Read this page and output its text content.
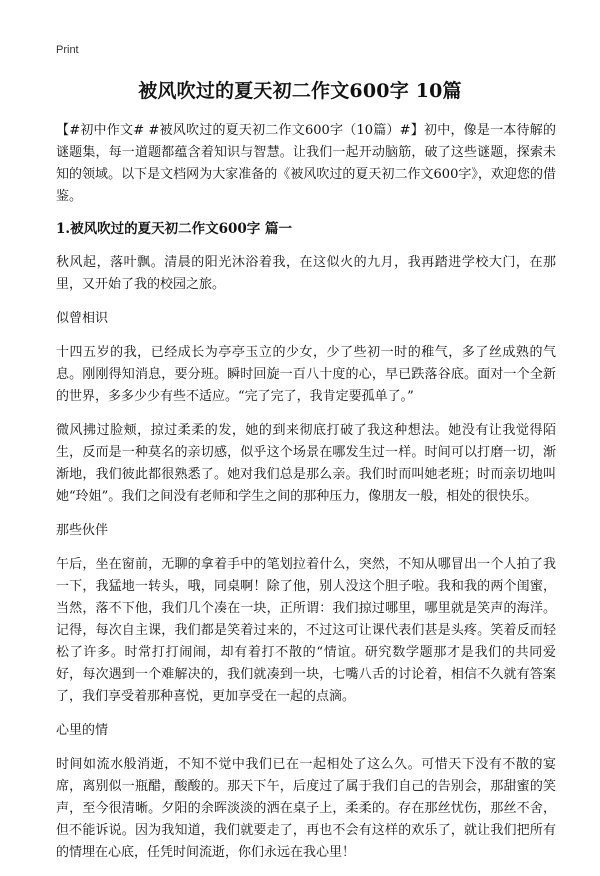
Print
被风吹过的夏天初二作文600字 10篇

【#初中作文# #被风吹过的夏天初二作文600字（10篇）#】初中，像是一本待解的谜题集，每一道题都蕴含着知识与智慧。让我们一起开动脑筋，破了这些谜题，探索未知的领域。以下是文档网为大家准备的《被风吹过的夏天初二作文600字》，欢迎您的借鉴。

1.被风吹过的夏天初二作文600字 篇一

秋风起，落叶飘。清晨的阳光沐浴着我，在这似火的九月，我再踏进学校大门，在那里，又开始了我的校园之旅。

似曾相识

十四五岁的我，已经成长为亭亭玉立的少女，少了些初一时的稚气，多了丝成熟的气息。刚刚得知消息，要分班。瞬时回旋一百八十度的心，早已跌落谷底。面对一个全新的世界，多多少少有些不适应。“完了完了，我肯定要孤单了。”

微风拂过脸颊，掠过柔柔的发，她的到来彻底打破了我这种想法。她没有让我觉得陌生，反而是一种莫名的亲切感，似乎这个场景在哪发生过一样。时间可以打磨一切，渐渐地，我们彼此都很熟悉了。她对我们总是那么亲。我们时而叫她老班；时而亲切地叫她“玲姐”。我们之间没有老师和学生之间的那种压力，像朋友一般，相处的很快乐。

那些伙伴

午后，坐在窗前，无聊的拿着手中的笔划拉着什么，突然，不知从哪冒出一个人拍了我一下，我猛地一转头，哦，同桌啊！除了他，别人没这个胆子啦。我和我的两个闺蜜，当然，落不下他，我们几个凑在一块，正所谓：我们掠过哪里，哪里就是笑声的海洋。记得，每次自主课，我们都是笑着过来的，不过这可让课代表们甚是头疼。笑着反而轻松了许多。时常打打闹闹，却有着打不散的“情谊。研究数学题那才是我们的共同爱好，每次遇到一个难解决的，我们就凑到一块，七嘴八舌的讨论着，相信不久就有答案了，我们享受着那种喜悦，更加享受在一起的点滴。

心里的情

时间如流水般消逝，不知不觉中我们已在一起相处了这么久。可惜天下没有不散的宴席，离别似一瓶醋，酸酸的。那天下午，后度过了属于我们自己的告别会，那甜蜜的笑声，至今很清晰。夕阳的余晖淡淡的洒在桌子上，柔柔的。存在那丝忧伤，那丝不舍，但不能诉说。因为我知道，我们就要走了，再也不会有这样的欢乐了，就让我们把所有的情埋在心底，任凭时间流逝，你们永远在我心里！
